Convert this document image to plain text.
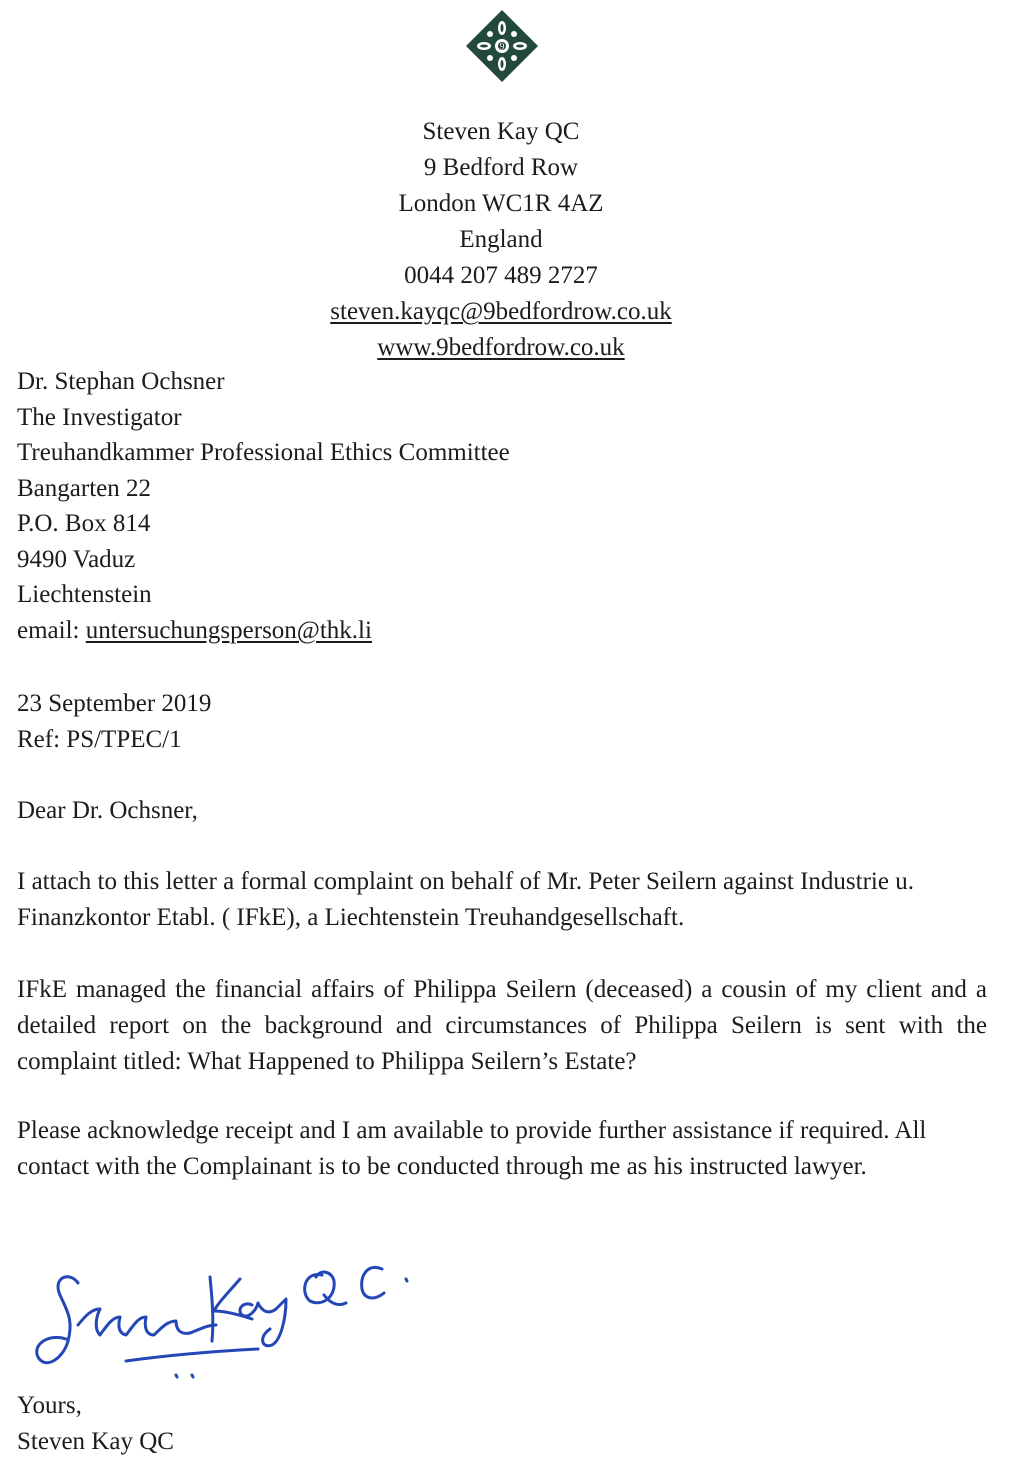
9
Steven Kay QC
9 Bedford Row
London WC1R 4AZ
England
0044 207 489 2727
steven.kayqc@9bedfordrow.co.uk
www.9bedfordrow.co.uk
Dr. Stephan Ochsner
The Investigator
Treuhandkammer Professional Ethics Committee
Bangarten 22
P.O. Box 814
9490 Vaduz
Liechtenstein
email: untersuchungsperson@thk.li
23 September 2019
Ref: PS/TPEC/1
Dear Dr. Ochsner,
I attach to this letter a formal complaint on behalf of Mr. Peter Seilern against Industrie u. Finanzkontor Etabl. ( IFkE), a Liechtenstein Treuhandgesellschaft.
IFkE managed the financial affairs of Philippa Seilern (deceased) a cousin of my client and a detailed report on the background and circumstances of Philippa Seilern is sent with the complaint titled: What Happened to Philippa Seilern’s Estate?
Please acknowledge receipt and I am available to provide further assistance if required. All contact with the Complainant is to be conducted through me as his instructed lawyer.
Yours,
Steven Kay QC
